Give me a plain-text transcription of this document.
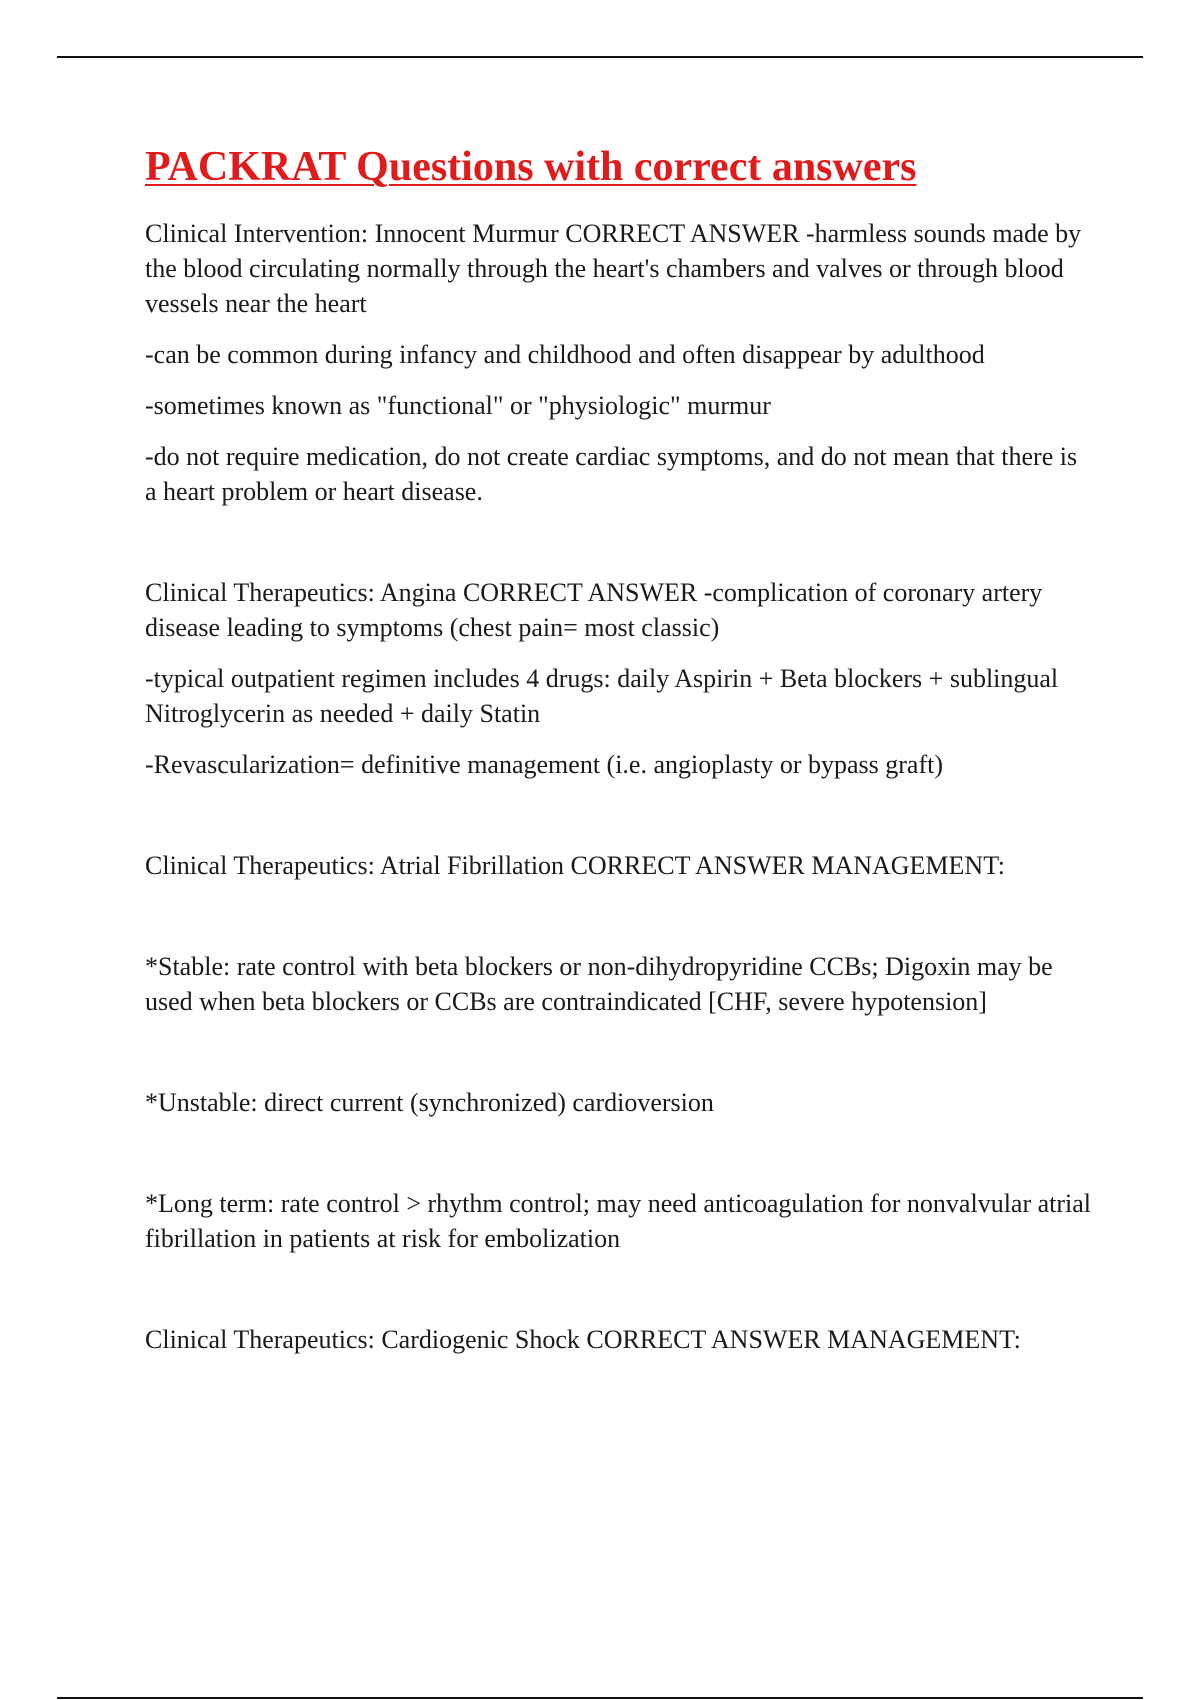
PACKRAT Questions with correct answers

Clinical Intervention: Innocent Murmur CORRECT ANSWER -harmless sounds made by the blood circulating normally through the heart's chambers and valves or through blood vessels near the heart

-can be common during infancy and childhood and often disappear by adulthood

-sometimes known as "functional" or "physiologic" murmur

-do not require medication, do not create cardiac symptoms, and do not mean that there is a heart problem or heart disease.

Clinical Therapeutics: Angina CORRECT ANSWER -complication of coronary artery disease leading to symptoms (chest pain= most classic)

-typical outpatient regimen includes 4 drugs: daily Aspirin + Beta blockers + sublingual Nitroglycerin as needed + daily Statin

-Revascularization= definitive management (i.e. angioplasty or bypass graft)

Clinical Therapeutics: Atrial Fibrillation CORRECT ANSWER MANAGEMENT:

*Stable: rate control with beta blockers or non-dihydropyridine CCBs; Digoxin may be used when beta blockers or CCBs are contraindicated [CHF, severe hypotension]

*Unstable: direct current (synchronized) cardioversion

*Long term: rate control > rhythm control; may need anticoagulation for nonvalvular atrial fibrillation in patients at risk for embolization

Clinical Therapeutics: Cardiogenic Shock CORRECT ANSWER MANAGEMENT:
